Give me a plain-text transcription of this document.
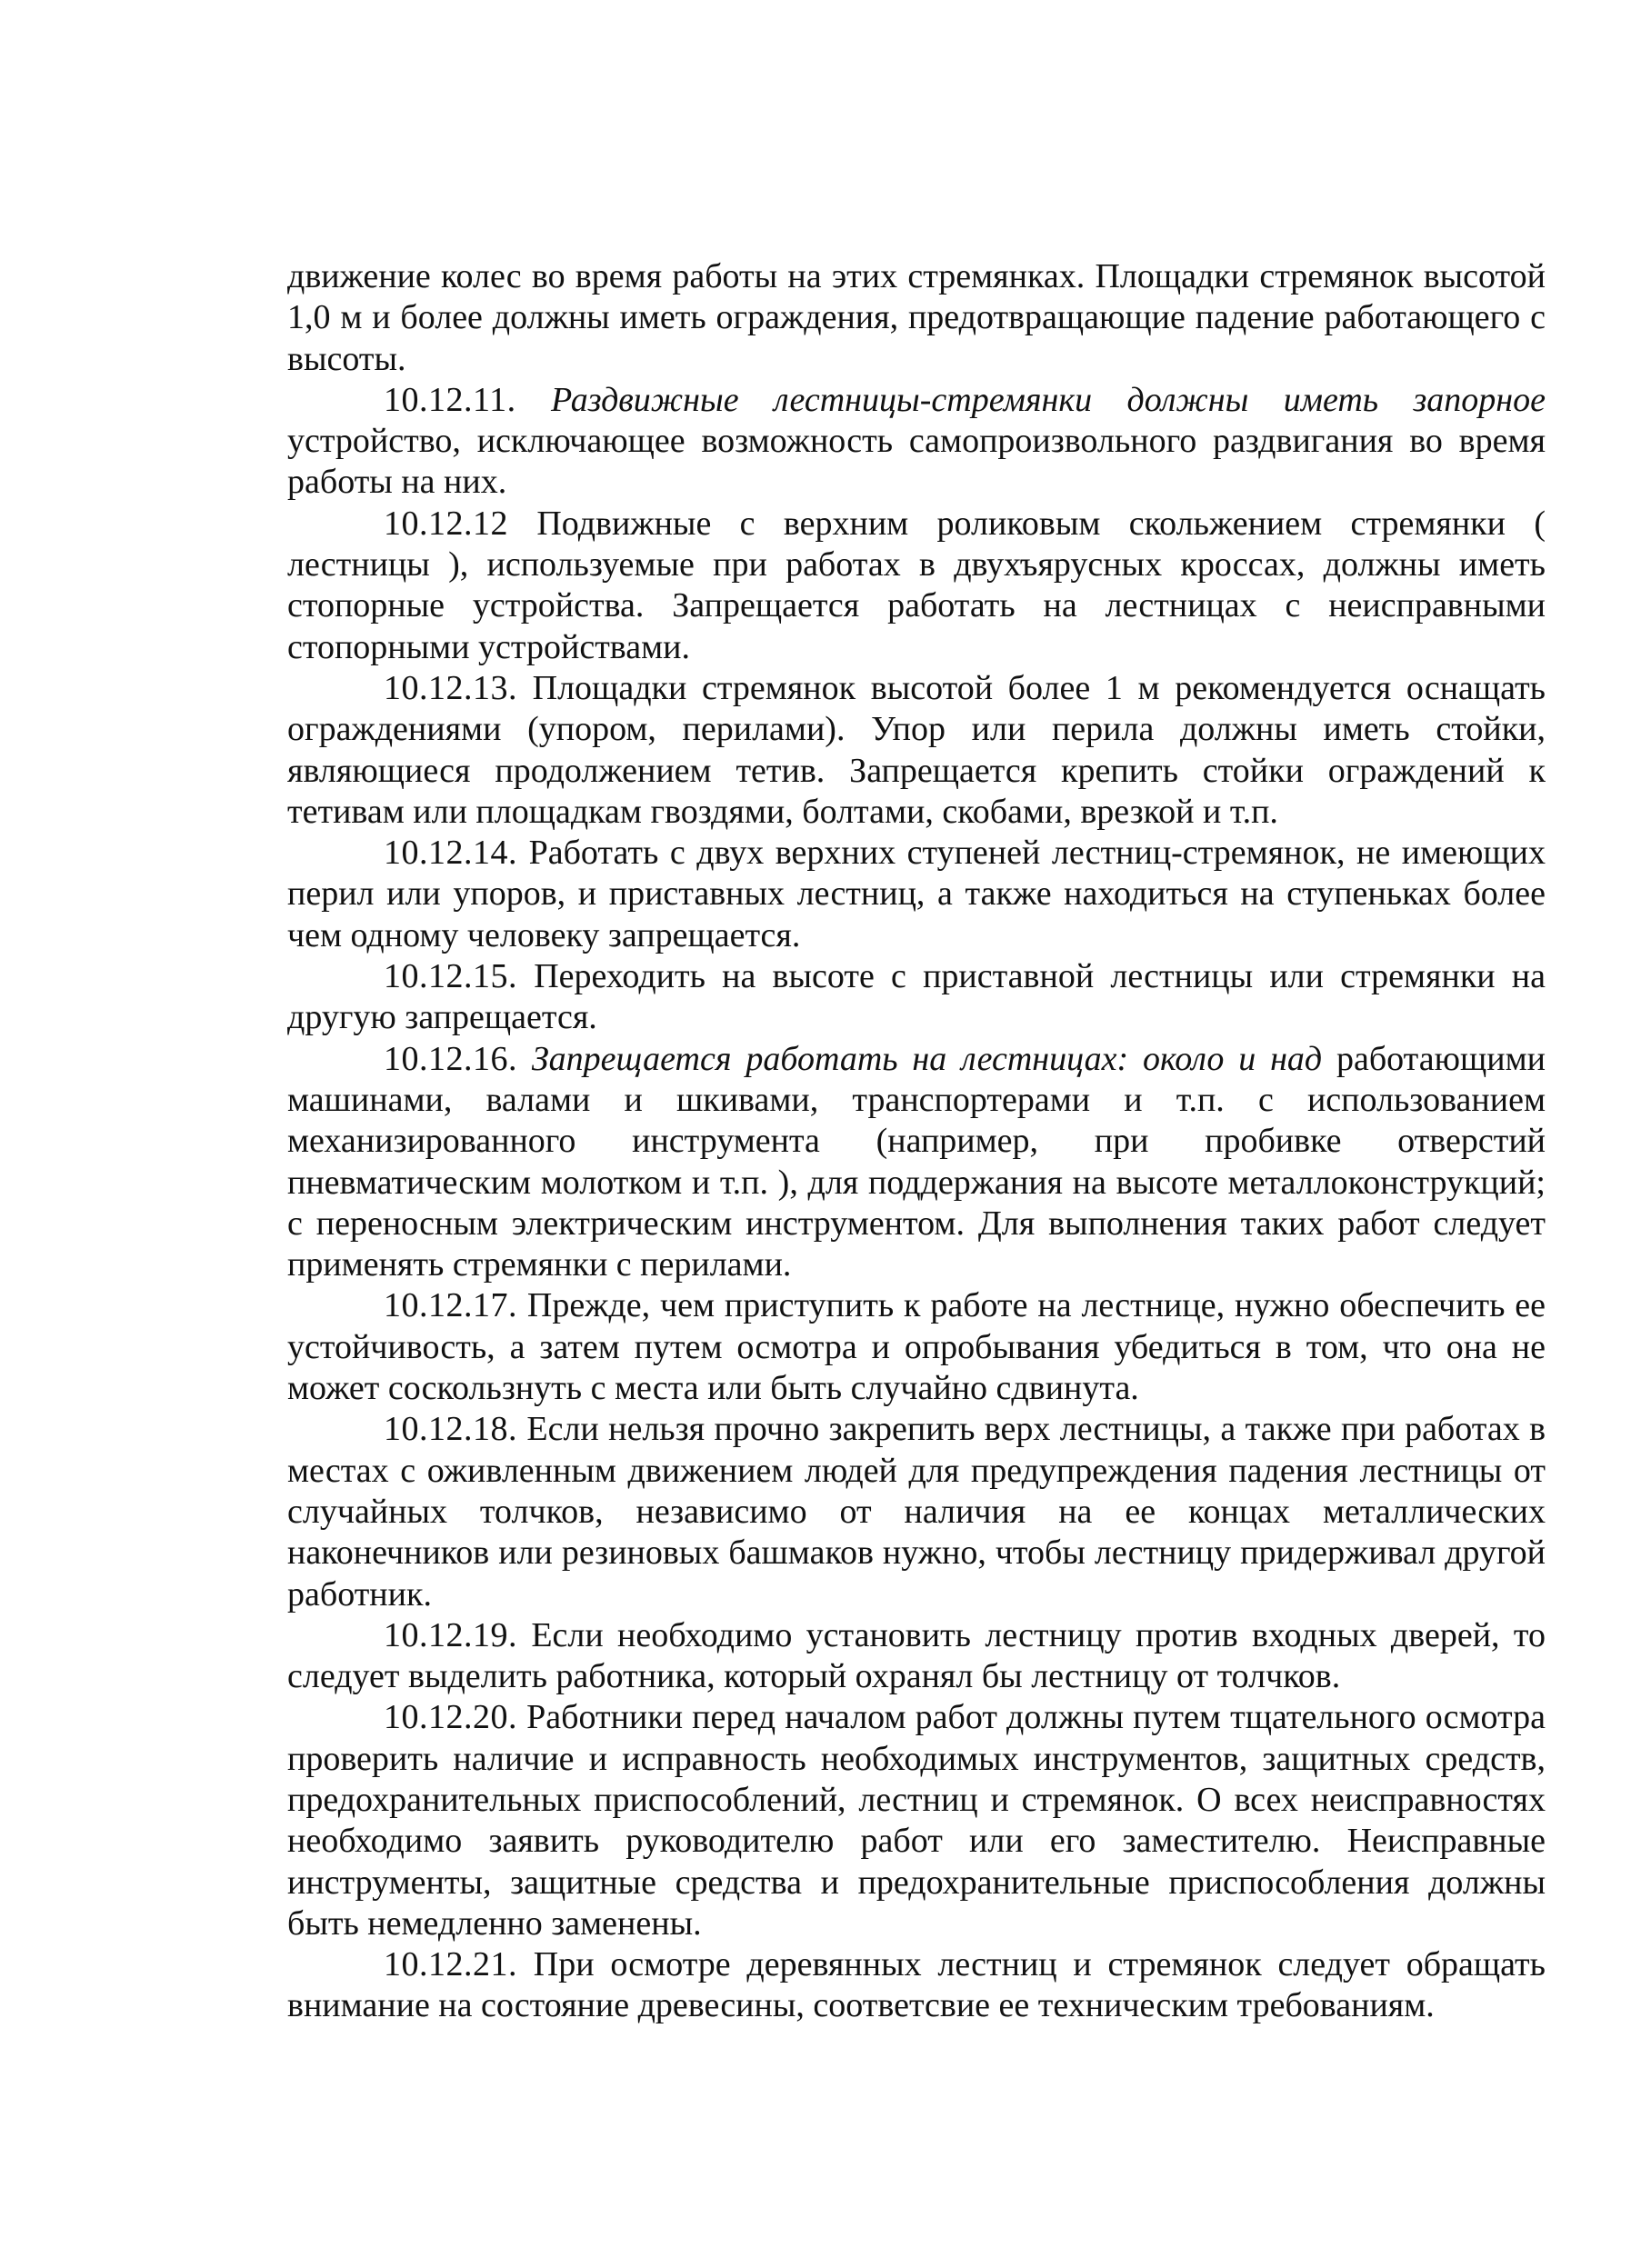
движение колес во время работы на этих стремянках. Площадки стремянок высотой 1,0 м и более должны иметь ограждения, предотвращающие падение работающего с высоты.

10.12.11. Раздвижные лестницы-стремянки должны иметь запорное устройство, исключающее возможность самопроизвольного раздвигания во время работы на них.

10.12.12 Подвижные с верхним роликовым скольжением стремянки ( лестницы ), используемые при работах в двухъярусных кроссах, должны иметь стопорные устройства. Запрещается работать на лестницах с неисправными стопорными устройствами.

10.12.13. Площадки стремянок высотой более 1 м рекомендуется оснащать ограждениями (упором, перилами). Упор или перила должны иметь стойки, являющиеся продолжением тетив. Запрещается крепить стойки ограждений к тетивам или площадкам гвоздями, болтами, скобами, врезкой и т.п.

10.12.14. Работать с двух верхних ступеней лестниц-стремянок, не имеющих перил или упоров, и приставных лестниц, а также находиться на ступеньках более чем одному человеку запрещается.

10.12.15. Переходить на высоте с приставной лестницы или стремянки на другую запрещается.

10.12.16. Запрещается работать на лестницах: около и над работающими машинами, валами и шкивами, транспортерами и т.п. с использованием механизированного инструмента (например, при пробивке отверстий пневматическим молотком и т.п. ), для поддержания на высоте металлоконструкций; с переносным электрическим инструментом. Для выполнения таких работ следует применять стремянки с перилами.

10.12.17. Прежде, чем приступить к работе на лестнице, нужно обеспечить ее устойчивость, а затем путем осмотра и опробывания убедиться в том, что она не может соскользнуть с места или быть случайно сдвинута.

10.12.18. Если нельзя прочно закрепить верх лестницы, а также при работах в местах с оживленным движением людей для предупреждения падения лестницы от случайных толчков, независимо от наличия на ее концах металлических наконечников или резиновых башмаков нужно, чтобы лестницу придерживал другой работник.

10.12.19. Если необходимо установить лестницу против входных дверей, то следует выделить работника, который охранял бы лестницу от толчков.

10.12.20. Работники перед началом работ должны путем тщательного осмотра проверить наличие и исправность необходимых инструментов, защитных средств, предохранительных приспособлений, лестниц и стремянок. О всех неисправностях необходимо заявить руководителю работ или его заместителю. Неисправные инструменты, защитные средства и предохранительные приспособления должны быть немедленно заменены.

10.12.21. При осмотре деревянных лестниц и стремянок следует обращать внимание на состояние древесины, соответсвие ее техническим требованиям.
